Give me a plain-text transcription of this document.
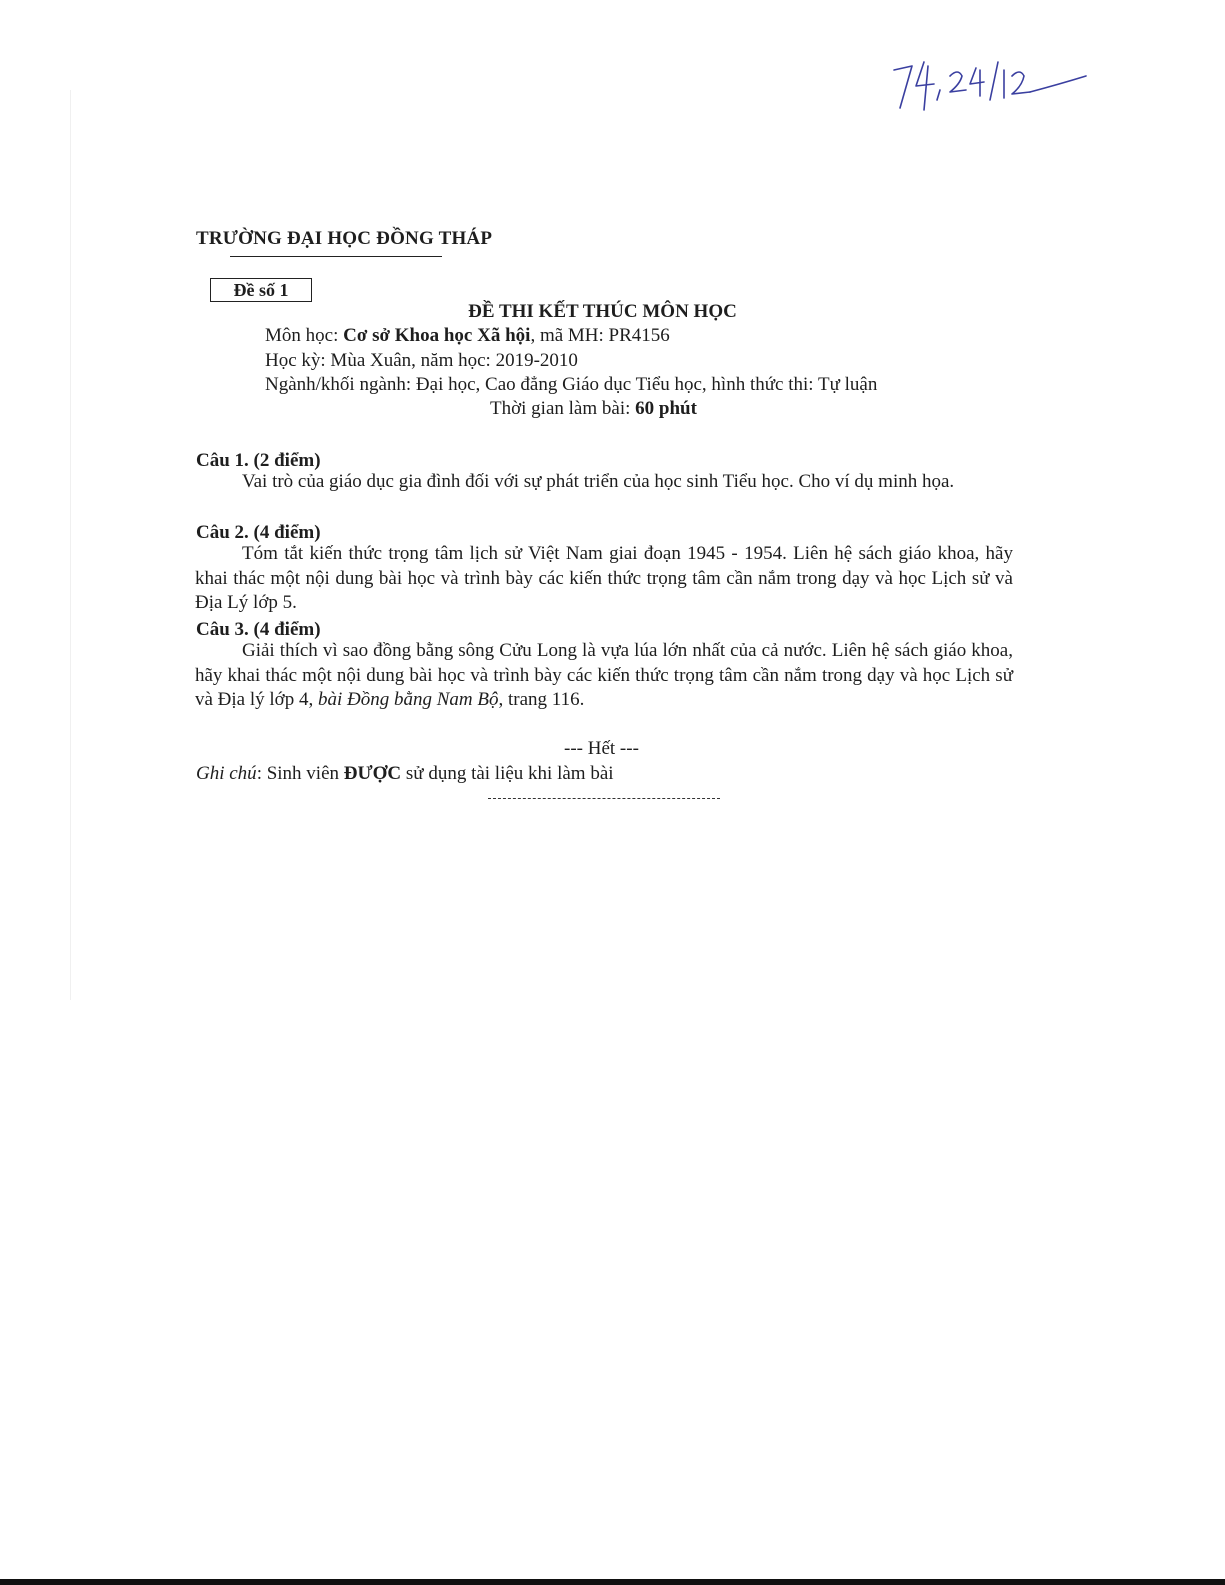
TRƯỜNG ĐẠI HỌC ĐỒNG THÁP
Đề số 1
ĐỀ THI KẾT THÚC MÔN HỌC
Môn học: Cơ sở Khoa học Xã hội, mã MH: PR4156
Học kỳ: Mùa Xuân, năm học: 2019-2010
Ngành/khối ngành: Đại học, Cao đẳng Giáo dục Tiểu học, hình thức thi: Tự luận
Thời gian làm bài: 60 phút
Câu 1. (2 điểm)
Vai trò của giáo dục gia đình đối với sự phát triển của học sinh Tiểu học. Cho ví dụ minh họa.
Câu 2. (4 điểm)
Tóm tắt kiến thức trọng tâm lịch sử Việt Nam giai đoạn 1945 - 1954. Liên hệ sách giáo khoa, hãy khai thác một nội dung bài học và trình bày các kiến thức trọng tâm cần nắm trong dạy và học Lịch sử và Địa Lý lớp 5.
Câu 3. (4 điểm)
Giải thích vì sao đồng bằng sông Cửu Long là vựa lúa lớn nhất của cả nước. Liên hệ sách giáo khoa, hãy khai thác một nội dung bài học và trình bày các kiến thức trọng tâm cần nắm trong dạy và học Lịch sử và Địa lý lớp 4, bài Đồng bằng Nam Bộ, trang 116.
--- Hết ---
Ghi chú: Sinh viên ĐƯỢC sử dụng tài liệu khi làm bài
